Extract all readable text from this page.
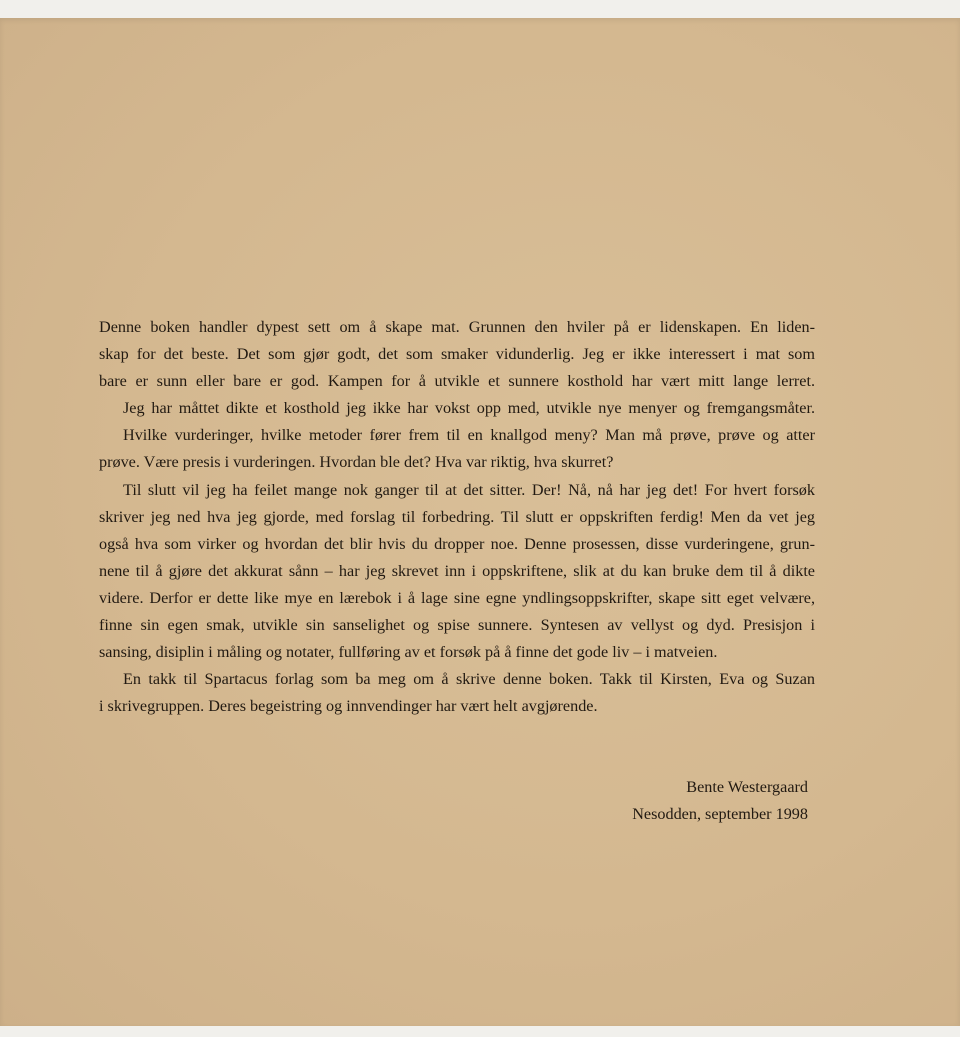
Denne boken handler dypest sett om å skape mat. Grunnen den hviler på er lidenskapen. En liden-
skap for det beste. Det som gjør godt, det som smaker vidunderlig. Jeg er ikke interessert i mat som
bare er sunn eller bare er god. Kampen for å utvikle et sunnere kosthold har vært mitt lange lerret.
Jeg har måttet dikte et kosthold jeg ikke har vokst opp med, utvikle nye menyer og fremgangsmåter.
Hvilke vurderinger, hvilke metoder fører frem til en knallgod meny? Man må prøve, prøve og atter
prøve. Være presis i vurderingen. Hvordan ble det? Hva var riktig, hva skurret?
Til slutt vil jeg ha feilet mange nok ganger til at det sitter. Der! Nå, nå har jeg det! For hvert forsøk
skriver jeg ned hva jeg gjorde, med forslag til forbedring. Til slutt er oppskriften ferdig! Men da vet jeg
også hva som virker og hvordan det blir hvis du dropper noe. Denne prosessen, disse vurderingene, grun-
nene til å gjøre det akkurat sånn – har jeg skrevet inn i oppskriftene, slik at du kan bruke dem til å dikte
videre. Derfor er dette like mye en lærebok i å lage sine egne yndlingsoppskrifter, skape sitt eget velvære,
finne sin egen smak, utvikle sin sanselighet og spise sunnere. Syntesen av vellyst og dyd. Presisjon i
sansing, disiplin i måling og notater, fullføring av et forsøk på å finne det gode liv – i matveien.
En takk til Spartacus forlag som ba meg om å skrive denne boken. Takk til Kirsten, Eva og Suzan
i skrivegruppen. Deres begeistring og innvendinger har vært helt avgjørende.
Bente Westergaard
Nesodden, september 1998
